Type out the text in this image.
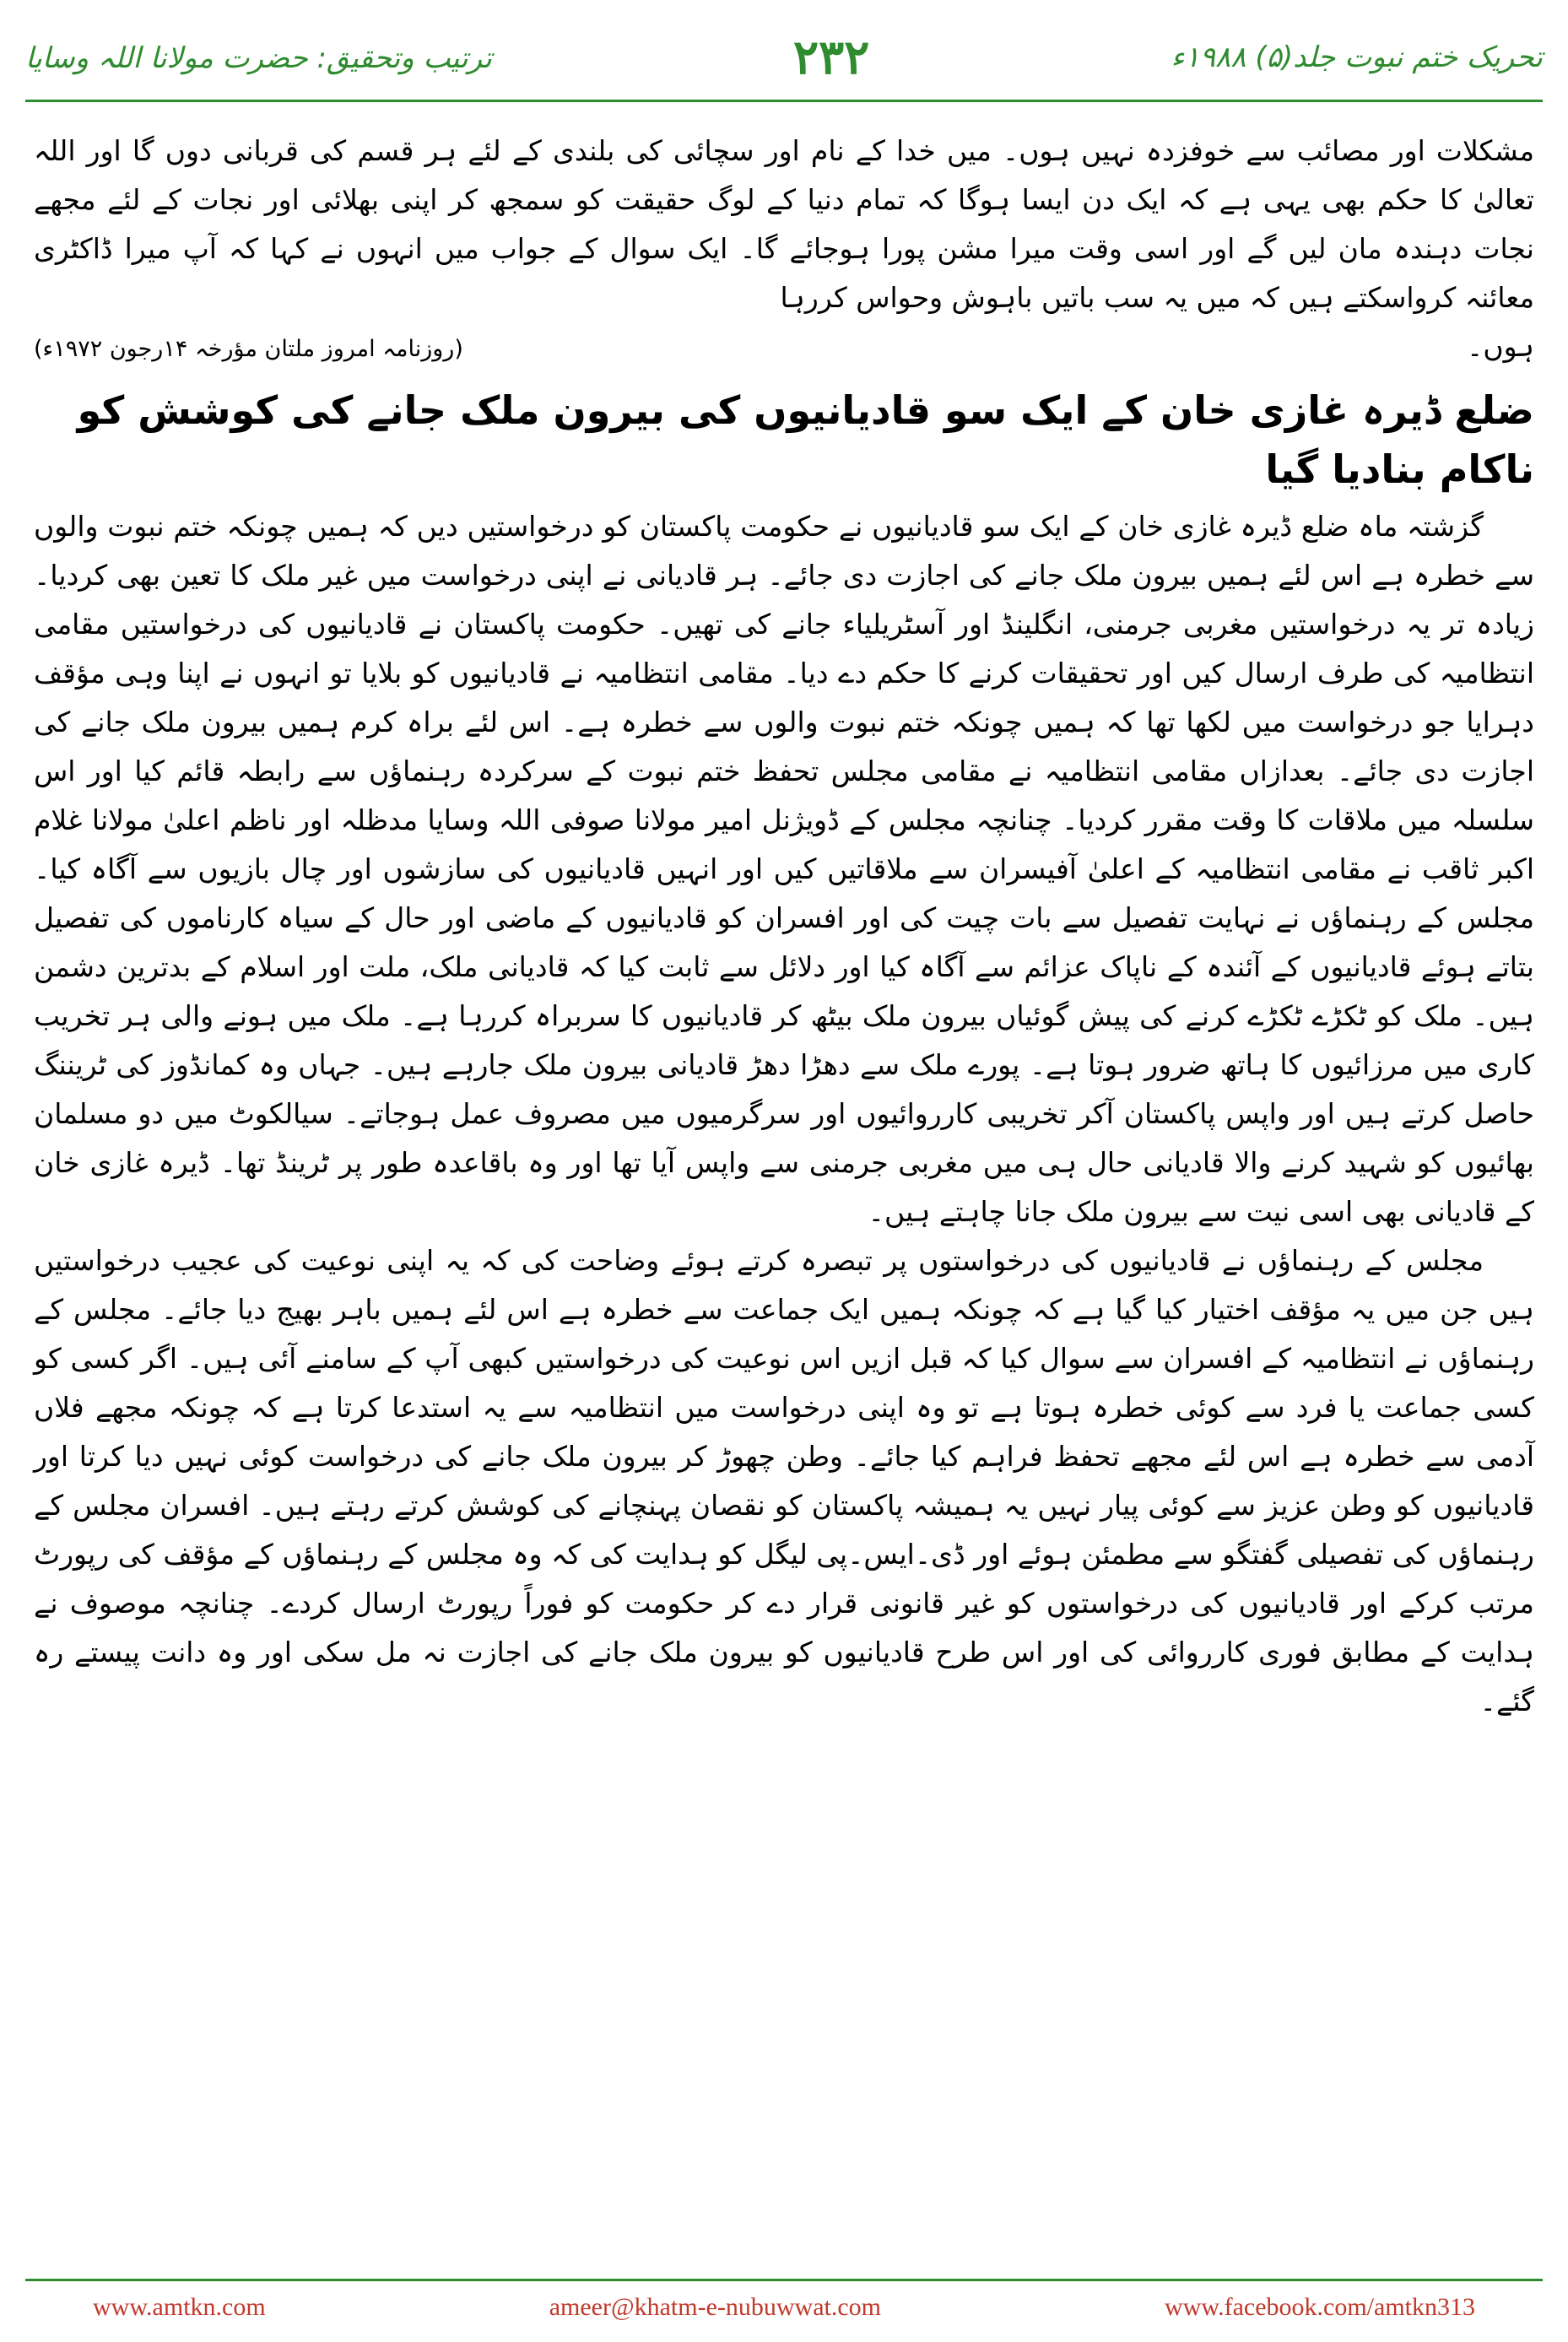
ترتیب وتحقیق: حضرت مولانا اللہ وسایا	۲۳۲	تحریک ختم نبوت جلد(۵) ۱۹۸۸ء

مشکلات اور مصائب سے خوفزدہ نہیں ہوں۔ میں خدا کے نام اور سچائی کی بلندی کے لئے ہر قسم کی قربانی دوں گا اور اللہ تعالیٰ کا حکم بھی یہی ہے کہ ایک دن ایسا ہوگا کہ تمام دنیا کے لوگ حقیقت کو سمجھ کر اپنی بھلائی اور نجات کے لئے مجھے نجات دہندہ مان لیں گے اور اسی وقت میرا مشن پورا ہوجائے گا۔ ایک سوال کے جواب میں انہوں نے کہا کہ آپ میرا ڈاکٹری معائنہ کرواسکتے ہیں کہ میں یہ سب باتیں باہوش وحواس کررہا

ہوں۔
(روزنامہ امروز ملتان مؤرخہ ۱۴رجون ۱۹۷۲ء)

ضلع ڈیرہ غازی خان کے ایک سو قادیانیوں کی بیرون ملک جانے کی کوشش کو ناکام بنادیا گیا

گزشتہ ماہ ضلع ڈیرہ غازی خان کے ایک سو قادیانیوں نے حکومت پاکستان کو درخواستیں دیں کہ ہمیں چونکہ ختم نبوت والوں سے خطرہ ہے اس لئے ہمیں بیرون ملک جانے کی اجازت دی جائے۔ ہر قادیانی نے اپنی درخواست میں غیر ملک کا تعین بھی کردیا۔ زیادہ تر یہ درخواستیں مغربی جرمنی، انگلینڈ اور آسٹریلیاء جانے کی تھیں۔ حکومت پاکستان نے قادیانیوں کی درخواستیں مقامی انتظامیہ کی طرف ارسال کیں اور تحقیقات کرنے کا حکم دے دیا۔ مقامی انتظامیہ نے قادیانیوں کو بلایا تو انہوں نے اپنا وہی مؤقف دہرایا جو درخواست میں لکھا تھا کہ ہمیں چونکہ ختم نبوت والوں سے خطرہ ہے۔ اس لئے براہ کرم ہمیں بیرون ملک جانے کی اجازت دی جائے۔ بعدازاں مقامی انتظامیہ نے مقامی مجلس تحفظ ختم نبوت کے سرکردہ رہنماؤں سے رابطہ قائم کیا اور اس سلسلہ میں ملاقات کا وقت مقرر کردیا۔ چنانچہ مجلس کے ڈویژنل امیر مولانا صوفی اللہ وسایا مدظلہ اور ناظم اعلیٰ مولانا غلام اکبر ثاقب نے مقامی انتظامیہ کے اعلیٰ آفیسران سے ملاقاتیں کیں اور انہیں قادیانیوں کی سازشوں اور چال بازیوں سے آگاہ کیا۔ مجلس کے رہنماؤں نے نہایت تفصیل سے بات چیت کی اور افسران کو قادیانیوں کے ماضی اور حال کے سیاہ کارناموں کی تفصیل بتاتے ہوئے قادیانیوں کے آئندہ کے ناپاک عزائم سے آگاہ کیا اور دلائل سے ثابت کیا کہ قادیانی ملک، ملت اور اسلام کے بدترین دشمن ہیں۔ ملک کو ٹکڑے ٹکڑے کرنے کی پیش گوئیاں بیرون ملک بیٹھ کر قادیانیوں کا سربراہ کررہا ہے۔ ملک میں ہونے والی ہر تخریب کاری میں مرزائیوں کا ہاتھ ضرور ہوتا ہے۔ پورے ملک سے دھڑا دھڑ قادیانی بیرون ملک جارہے ہیں۔ جہاں وہ کمانڈوز کی ٹریننگ حاصل کرتے ہیں اور واپس پاکستان آکر تخریبی کارروائیوں اور سرگرمیوں میں مصروف عمل ہوجاتے۔ سیالکوٹ میں دو مسلمان بھائیوں کو شہید کرنے والا قادیانی حال ہی میں مغربی جرمنی سے واپس آیا تھا اور وہ باقاعدہ طور پر ٹرینڈ تھا۔ ڈیرہ غازی خان کے قادیانی بھی اسی نیت سے بیرون ملک جانا چاہتے ہیں۔

مجلس کے رہنماؤں نے قادیانیوں کی درخواستوں پر تبصرہ کرتے ہوئے وضاحت کی کہ یہ اپنی نوعیت کی عجیب درخواستیں ہیں جن میں یہ مؤقف اختیار کیا گیا ہے کہ چونکہ ہمیں ایک جماعت سے خطرہ ہے اس لئے ہمیں باہر بھیج دیا جائے۔ مجلس کے رہنماؤں نے انتظامیہ کے افسران سے سوال کیا کہ قبل ازیں اس نوعیت کی درخواستیں کبھی آپ کے سامنے آئی ہیں۔ اگر کسی کو کسی جماعت یا فرد سے کوئی خطرہ ہوتا ہے تو وہ اپنی درخواست میں انتظامیہ سے یہ استدعا کرتا ہے کہ چونکہ مجھے فلاں آدمی سے خطرہ ہے اس لئے مجھے تحفظ فراہم کیا جائے۔ وطن چھوڑ کر بیرون ملک جانے کی درخواست کوئی نہیں دیا کرتا اور قادیانیوں کو وطن عزیز سے کوئی پیار نہیں یہ ہمیشہ پاکستان کو نقصان پہنچانے کی کوشش کرتے رہتے ہیں۔ افسران مجلس کے رہنماؤں کی تفصیلی گفتگو سے مطمئن ہوئے اور ڈی۔ایس۔پی لیگل کو ہدایت کی کہ وہ مجلس کے رہنماؤں کے مؤقف کی رپورٹ مرتب کرکے اور قادیانیوں کی درخواستوں کو غیر قانونی قرار دے کر حکومت کو فوراً رپورٹ ارسال کردے۔ چنانچہ موصوف نے ہدایت کے مطابق فوری کارروائی کی اور اس طرح قادیانیوں کو بیرون ملک جانے کی اجازت نہ مل سکی اور وہ دانت پیستے رہ گئے۔

www.amtkn.com	ameer@khatm-e-nubuwwat.com	www.facebook.com/amtkn313
